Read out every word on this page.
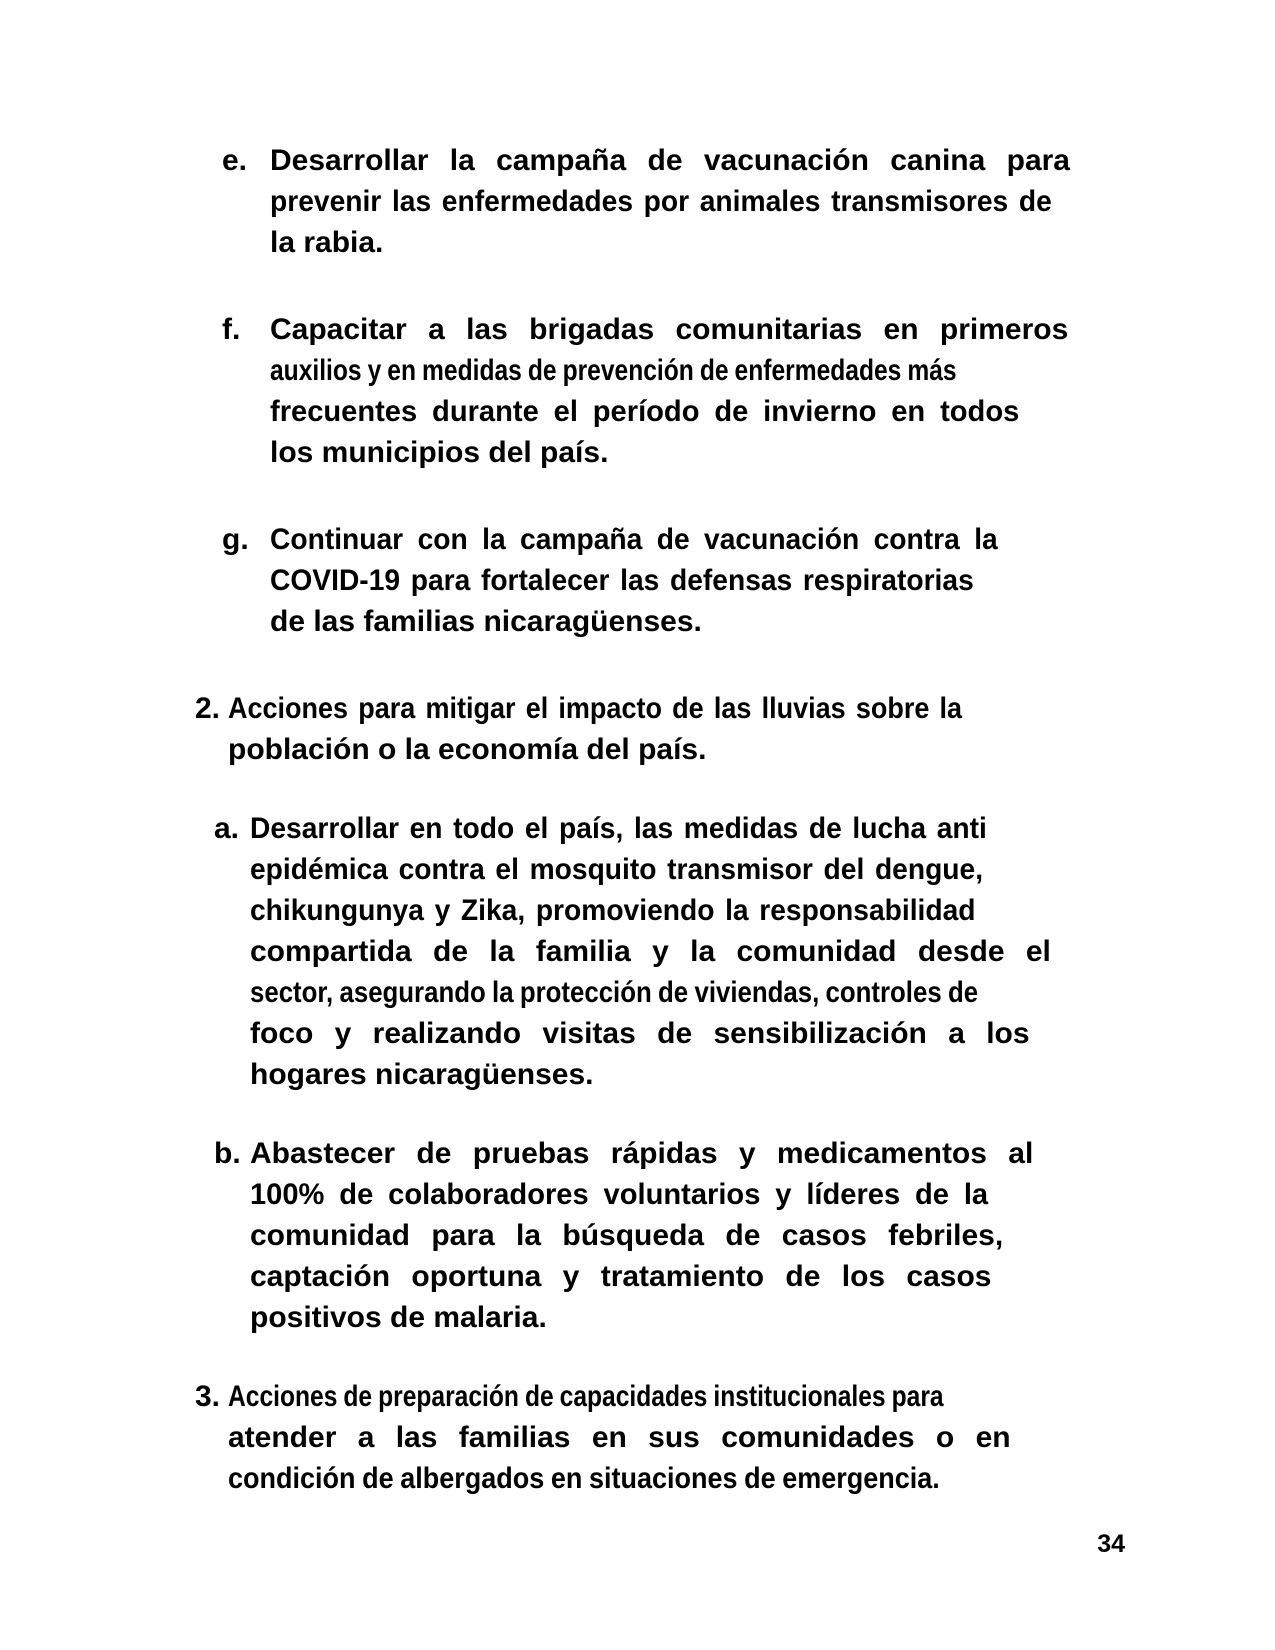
e. Desarrollar la campaña de vacunación canina para
prevenir las enfermedades por animales transmisores de
la rabia.
f. Capacitar a las brigadas comunitarias en primeros
auxilios y en medidas de prevención de enfermedades más
frecuentes durante el período de invierno en todos
los municipios del país.
g. Continuar con la campaña de vacunación contra la
COVID-19 para fortalecer las defensas respiratorias
de las familias nicaragüenses.
2. Acciones para mitigar el impacto de las lluvias sobre la
población o la economía del país.
a. Desarrollar en todo el país, las medidas de lucha anti
epidémica contra el mosquito transmisor del dengue,
chikungunya y Zika, promoviendo la responsabilidad
compartida de la familia y la comunidad desde el
sector, asegurando la protección de viviendas, controles de
foco y realizando visitas de sensibilización a los
hogares nicaragüenses.
b. Abastecer de pruebas rápidas y medicamentos al
100% de colaboradores voluntarios y líderes de la
comunidad para la búsqueda de casos febriles,
captación oportuna y tratamiento de los casos
positivos de malaria.
3. Acciones de preparación de capacidades institucionales para
atender a las familias en sus comunidades o en
condición de albergados en situaciones de emergencia.
34
